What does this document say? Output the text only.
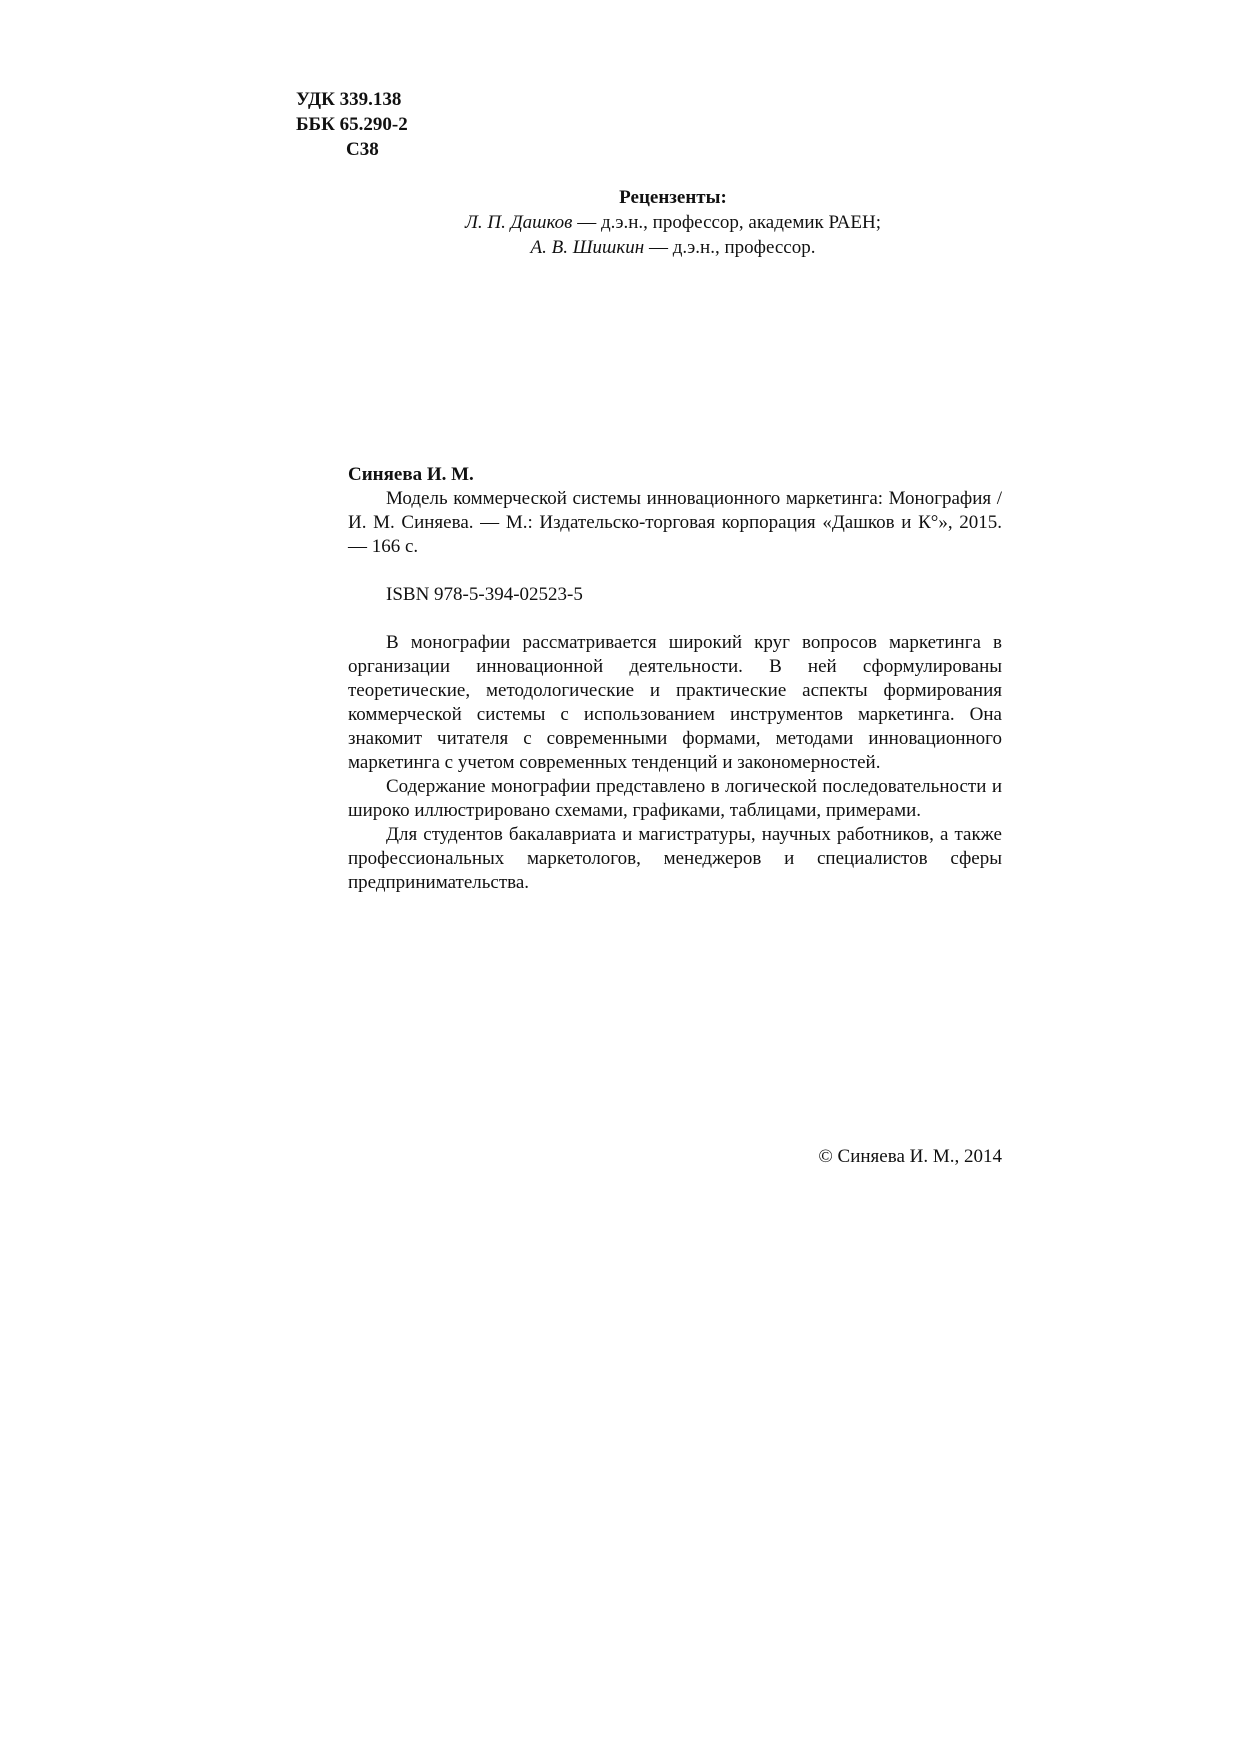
УДК 339.138
ББК 65.290-2
С38
Рецензенты:
Л. П. Дашков — д.э.н., профессор, академик РАЕН;
А. В. Шишкин — д.э.н., профессор.
Синяева И. М.

Модель коммерческой системы инновационного маркетинга: Монография / И. М. Синяева. — М.: Издательско-торговая корпорация «Дашков и К°», 2015. — 166 с.

ISBN 978-5-394-02523-5

В монографии рассматривается широкий круг вопросов маркетинга в организации инновационной деятельности. В ней сформулированы теоретические, методологические и практические аспекты формирования коммерческой системы с использованием инструментов маркетинга. Она знакомит читателя с современными формами, методами инновационного маркетинга с учетом современных тенденций и закономерностей.

Содержание монографии представлено в логической последовательности и широко иллюстрировано схемами, графиками, таблицами, примерами.

Для студентов бакалавриата и магистратуры, научных работников, а также профессиональных маркетологов, менеджеров и специалистов сферы предпринимательства.

© Синяева И. М., 2014
